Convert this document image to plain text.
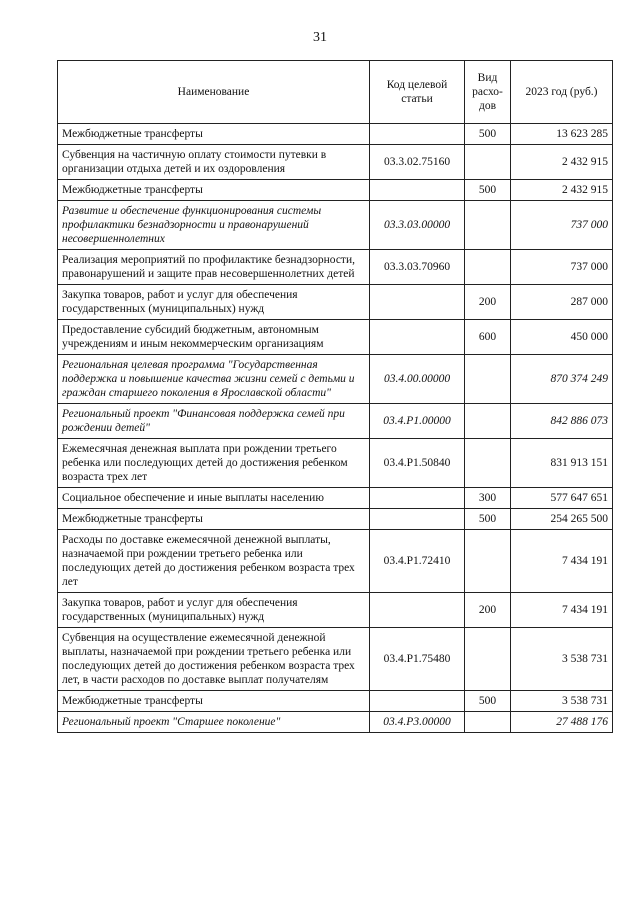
31
Наименование	Код целевой статьи	Вид расхо-дов	2023 год (руб.)
Межбюджетные трансферты		500	13 623 285
Субвенция на частичную оплату стоимости путевки в организации отдыха детей и их оздоровления	03.3.02.75160		2 432 915
Межбюджетные трансферты		500	2 432 915
Развитие и обеспечение функционирования системы профилактики безнадзорности и правонарушений несовершеннолетних	03.3.03.00000		737 000
Реализация мероприятий по профилактике безнадзорности, правонарушений и защите прав несовершеннолетних детей	03.3.03.70960		737 000
Закупка товаров, работ и услуг для обеспечения государственных (муниципальных) нужд		200	287 000
Предоставление субсидий бюджетным, автономным учреждениям и иным некоммерческим организациям		600	450 000
Региональная целевая программа "Государственная поддержка и повышение качества жизни семей с детьми и граждан старшего поколения в Ярославской области"	03.4.00.00000		870 374 249
Региональный проект "Финансовая поддержка семей при рождении детей"	03.4.Р1.00000		842 886 073
Ежемесячная денежная выплата при рождении третьего ребенка или последующих детей до достижения ребенком возраста трех лет	03.4.Р1.50840		831 913 151
Социальное обеспечение и иные выплаты населению		300	577 647 651
Межбюджетные трансферты		500	254 265 500
Расходы по доставке ежемесячной денежной выплаты, назначаемой при рождении третьего ребенка или последующих детей до достижения ребенком возраста трех лет	03.4.Р1.72410		7 434 191
Закупка товаров, работ и услуг для обеспечения государственных (муниципальных) нужд		200	7 434 191
Субвенция на осуществление ежемесячной денежной выплаты, назначаемой при рождении третьего ребенка или последующих детей до достижения ребенком возраста трех лет, в части расходов по доставке выплат получателям	03.4.Р1.75480		3 538 731
Межбюджетные трансферты		500	3 538 731
Региональный проект "Старшее поколение"	03.4.Р3.00000		27 488 176
